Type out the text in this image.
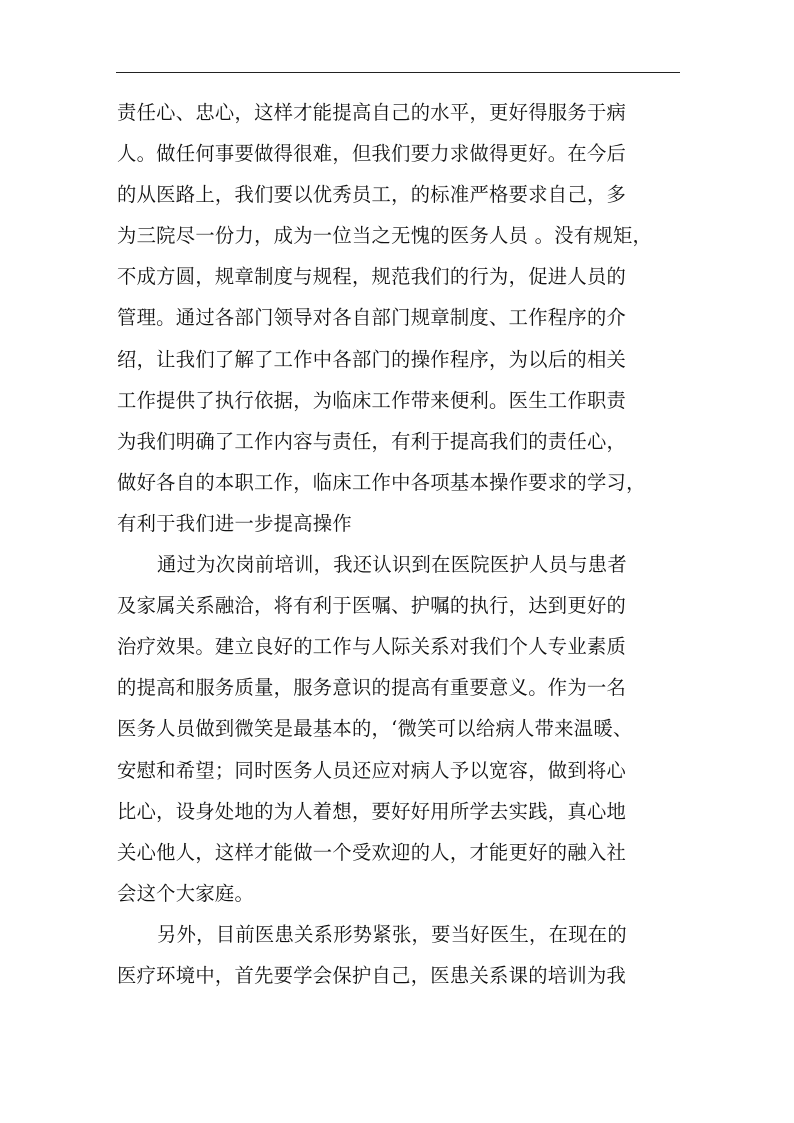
责任心、忠心，这样才能提高自己的水平，更好得服务于病
人。做任何事要做得很难，但我们要力求做得更好。在今后
的从医路上，我们要以优秀员工，的标准严格要求自己，多
为三院尽一份力，成为一位当之无愧的医务人员 。没有规矩，
不成方圆，规章制度与规程，规范我们的行为，促进人员的
管理。通过各部门领导对各自部门规章制度、工作程序的介
绍，让我们了解了工作中各部门的操作程序，为以后的相关
工作提供了执行依据，为临床工作带来便利。医生工作职责
为我们明确了工作内容与责任，有利于提高我们的责任心，
做好各自的本职工作，临床工作中各项基本操作要求的学习，
有利于我们进一步提高操作
通过为次岗前培训，我还认识到在医院医护人员与患者
及家属关系融洽，将有利于医嘱、护嘱的执行，达到更好的
治疗效果。建立良好的工作与人际关系对我们个人专业素质
的提高和服务质量，服务意识的提高有重要意义。作为一名
医务人员做到微笑是最基本的，‘微笑可以给病人带来温暖、
安慰和希望；同时医务人员还应对病人予以宽容，做到将心
比心，设身处地的为人着想，要好好用所学去实践，真心地
关心他人，这样才能做一个受欢迎的人，才能更好的融入社
会这个大家庭。
另外，目前医患关系形势紧张，要当好医生，在现在的
医疗环境中，首先要学会保护自己，医患关系课的培训为我
